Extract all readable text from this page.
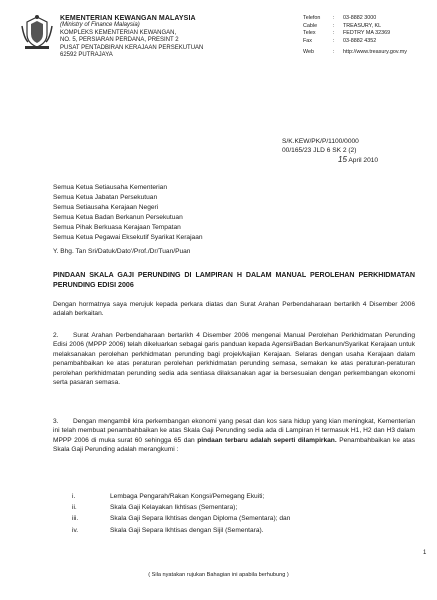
KEMENTERIAN KEWANGAN MALAYSIA
(Ministry of Finance Malaysia)
KOMPLEKS KEMENTERIAN KEWANGAN,
NO. 5, PERSIARAN PERDANA, PRESINT 2
PUSAT PENTADBIRAN KERAJAAN PERSEKUTUAN
62592 PUTRAJAYA
Telefon	:	03-8882 3000
Cable	:	TREASURY, KL
Telex	:	FEDTRY MA 32369
Fax	:	03-8882 4352
Web	:	http://www.treasury.gov.my
S/K.KEW/PK/P/1100/0000
00/165/23 JLD 6 SK 2 (2)
15 April 2010
Semua Ketua Setiausaha Kementerian
Semua Ketua Jabatan Persekutuan
Semua Setiausaha Kerajaan Negeri
Semua Ketua Badan Berkanun Persekutuan
Semua Pihak Berkuasa Kerajaan Tempatan
Semua Ketua Pegawai Eksekutif Syarikat Kerajaan
Y. Bhg. Tan Sri/Datuk/Dato'/Prof./Dr/Tuan/Puan
PINDAAN SKALA GAJI PERUNDING DI LAMPIRAN H DALAM MANUAL PEROLEHAN PERKHIDMATAN PERUNDING EDISI 2006
Dengan hormatnya saya merujuk kepada perkara diatas dan Surat Arahan Perbendaharaan bertarikh 4 Disember 2006 adalah berkaitan.
2. Surat Arahan Perbendaharaan bertarikh 4 Disember 2006 mengenai Manual Perolehan Perkhidmatan Perunding Edisi 2006 (MPPP 2006) telah dikeluarkan sebagai garis panduan kepada Agensi/Badan Berkanun/Syarikat Kerajaan untuk melaksanakan perolehan perkhidmatan perunding bagi projek/kajian Kerajaan. Selaras dengan usaha Kerajaan dalam penambahbaikan ke atas peraturan perolehan perkhidmatan perunding semasa, semakan ke atas peraturan-peraturan perolehan perkhidmatan perunding sedia ada sentiasa dilaksanakan agar ia bersesuaian dengan perkembangan ekonomi serta pasaran semasa.
3. Dengan mengambil kira perkembangan ekonomi yang pesat dan kos sara hidup yang kian meningkat, Kementerian ini telah membuat penambahbaikan ke atas Skala Gaji Perunding sedia ada di Lampiran H termasuk H1, H2 dan H3 dalam MPPP 2006 di muka surat 60 sehingga 65 dan pindaan terbaru adalah seperti dilampirkan. Penambahbaikan ke atas Skala Gaji Perunding adalah merangkumi :
i.	Lembaga Pengarah/Rakan Kongsi/Pemegang Ekuiti;
ii.	Skala Gaji Kelayakan Ikhtisas (Sementara);
iii.	Skala Gaji Separa Ikhtisas dengan Diploma (Sementara); dan
iv.	Skala Gaji Separa Ikhtisas dengan Sijil (Sementara).
1
( Sila nyatakan rujukan Bahagian ini apabila berhubung )
